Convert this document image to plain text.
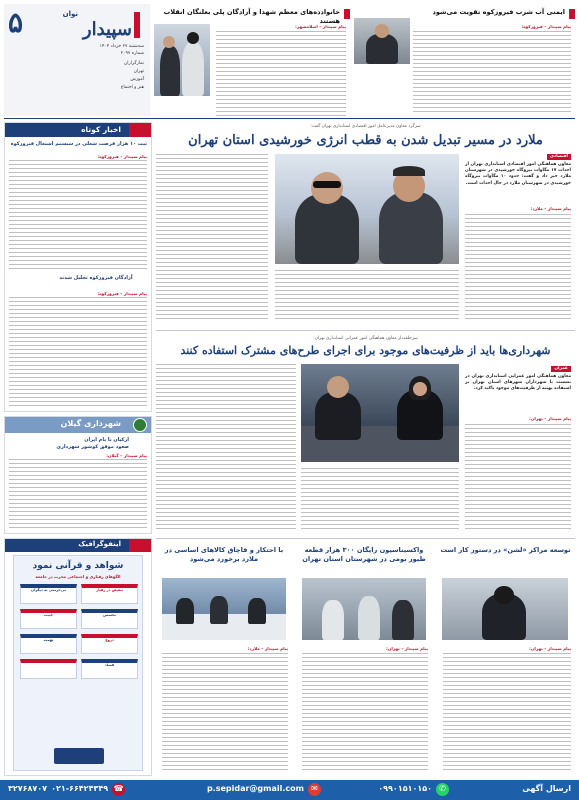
۵	نوان
سپیدار
سه‌شنبه ۲۷ خرداد ۱۴۰۴
شماره ۲۰۹۷
نمازگزاران
تهران
آموزش
هنر و اجتماع
خانوادده‌های معظم شهدا و آزادگان پلی بعلنگان انقلاب هستند
پیام سپیدار – اسلامشهر:
ایمنی آب شرب فیروزکوه تقویت می‌شود
پیام سپیدار – فیروزکوه:
اخبار کوتاه
ثبت ۱۰ هزار فرصت شغلی در سیستم اشتغال فیروزکوه
پیام سپیدار – فیروزکوه:
آزادگان فیروزکوه تجلیل شدند
پیام سپیدار – فیروزکوه:
شهرداری گیلان
ارکیان نا یام ایران
صعود موفق کوشور شهرداری
پیام سپیدار – گیلان:
اینفوگرافیک
شواهد و قرآنی نمود
الگوهای رفتاری و اجتماعی مخرب در جامعه
تبعیض در رفتار
بی‌حرمتی به دیگران
تجسس
غیبت
دروغ
تهمت
فساد
سرگرد معاون مدیرعامل امور اقتصادی استانداری تهران گفت:
ملارد در مسیر تبدیل شدن به قطب انرژی خورشیدی استان تهران
اقتصادی
معاون هماهنگی امور اقتصادی استانداری تهران از احداث ۱۷ مگاوات نیروگاه خورشیدی در شهرستان ملارد خبر داد و گفت: حدود ۱۰ مگاوات نیروگاه خورشیدی در شهرستان ملارد در حال احداث است.
پیام سپیدار – ملارد:
سرحلقه‌دار معاون هماهنگی امور عمرانی استانداری تهران:
شهرداری‌ها باید از ظرفیت‌های موجود برای اجرای طرح‌های مشترک استفاده کنند
عمران
معاون هماهنگی امور عمرانی استانداری تهران در نشست با شهرداران شهرهای استان تهران بر استفاده بهینه از ظرفیت‌های موجود تاکید کرد.
پیام سپیدار – تهران:
با احتکار و قاچاق کالاهای اساسی در ملارد برخورد می‌شود
پیام سپیدار – ملارد:
واکسیناسیون رایگان ۳۰۰ هزار قطعه طیور بومی در شهرستان استان تهران
پیام سپیدار – تهران:
توسعه مراکز «لشن» در دستور کار است
پیام سپیدار – تهران:
ارسال آگهی
✆
۰۹۹۰۱۵۱۰۱۵۰
✉
p.sepidar@gmail.com
☎
۰۲۱-۶۶۴۲۴۳۴۹
۳۲۷۶۸۷۰۷
